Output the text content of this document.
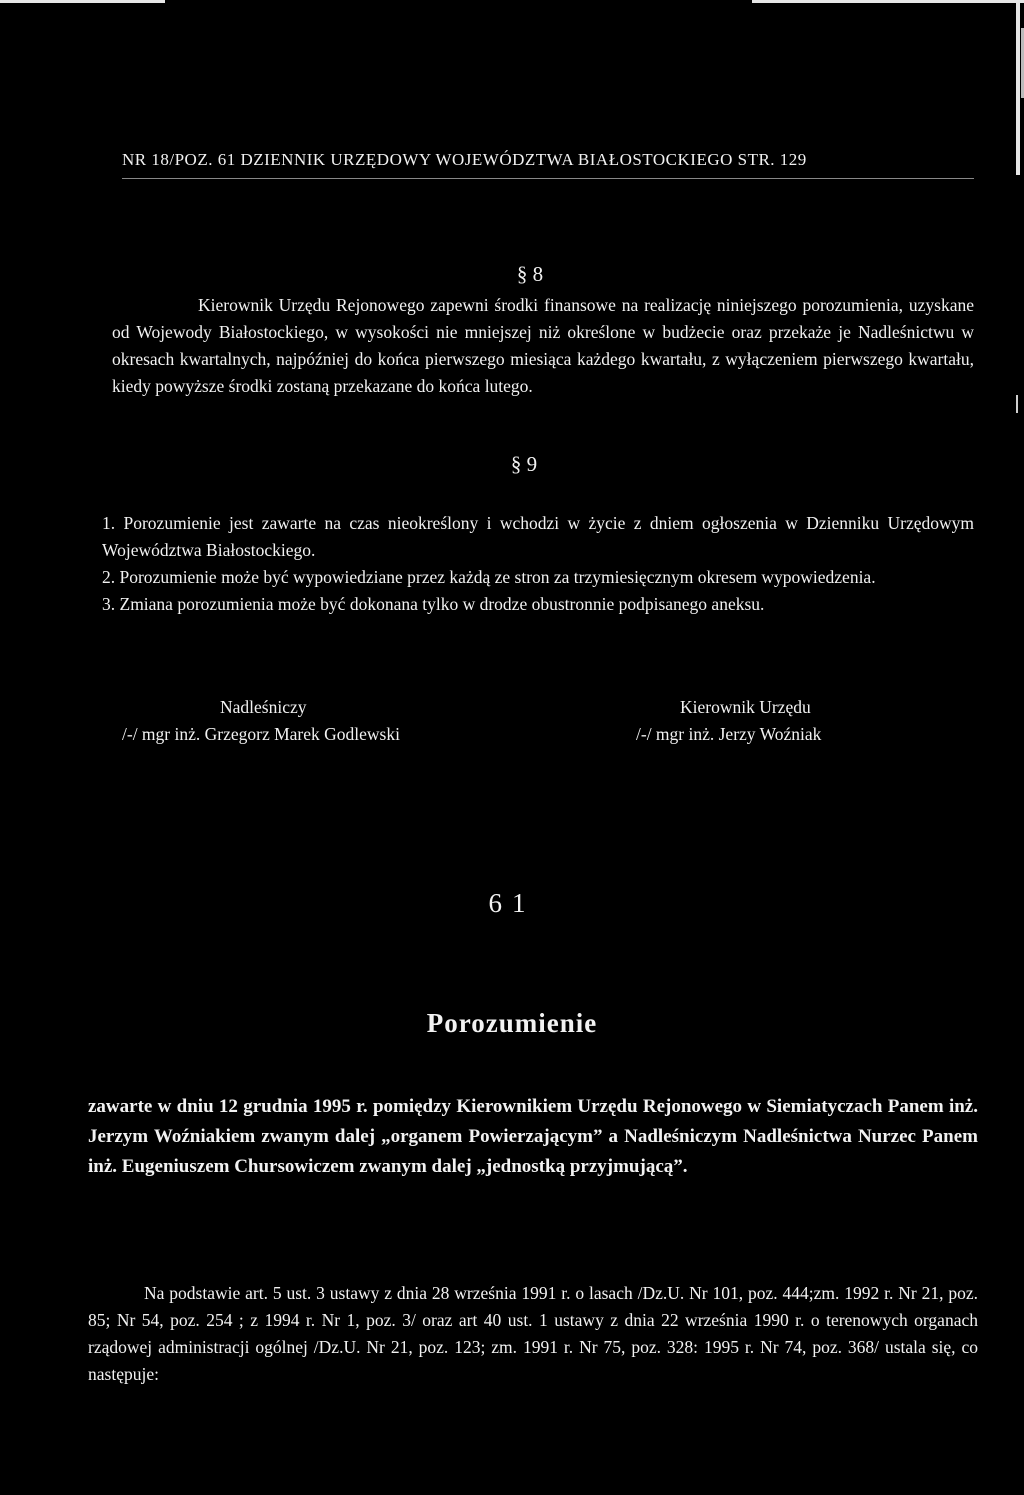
NR 18/POZ. 61 DZIENNIK URZĘDOWY WOJEWÓDZTWA BIAŁOSTOCKIEGO STR. 129
§ 8
Kierownik Urzędu Rejonowego zapewni środki finansowe na realizację niniejszego porozumienia, uzyskane od Wojewody Białostockiego, w wysokości nie mniejszej niż określone w budżecie oraz przekaże je Nadleśnictwu w okresach kwartalnych, najpóźniej do końca pierwszego miesiąca każdego kwartału, z wyłączeniem pierwszego kwartału, kiedy powyższe środki zostaną przekazane do końca lutego.
§ 9

1. Porozumienie jest zawarte na czas nieokreślony i wchodzi w życie z dniem ogłoszenia w Dzienniku Urzędowym Województwa Białostockiego.

2. Porozumienie może być wypowiedziane przez każdą ze stron za trzymiesięcznym okresem wypowiedzenia.

3. Zmiana porozumienia może być dokonana tylko w drodze obustronnie podpisanego aneksu.

Nadleśniczy
/-/ mgr inż. Grzegorz Marek Godlewski
Kierownik Urzędu
/-/ mgr inż. Jerzy Woźniak
61
Porozumienie
zawarte w dniu 12 grudnia 1995 r. pomiędzy Kierownikiem Urzędu Rejonowego w Siemiatyczach Panem inż. Jerzym Woźniakiem zwanym dalej „organem Powierzającym” a Nadleśniczym Nadleśnictwa Nurzec Panem inż. Eugeniuszem Chursowiczem zwanym dalej „jednostką przyjmującą”.
Na podstawie art. 5 ust. 3 ustawy z dnia 28 września 1991 r. o lasach /Dz.U. Nr 101, poz. 444;zm. 1992 r. Nr 21, poz. 85; Nr 54, poz. 254 ; z 1994 r. Nr 1, poz. 3/ oraz art 40 ust. 1 ustawy z dnia 22 września 1990 r. o terenowych organach rządowej administracji ogólnej /Dz.U. Nr 21, poz. 123; zm. 1991 r. Nr 75, poz. 328: 1995 r. Nr 74, poz. 368/ ustala się, co następuje:
